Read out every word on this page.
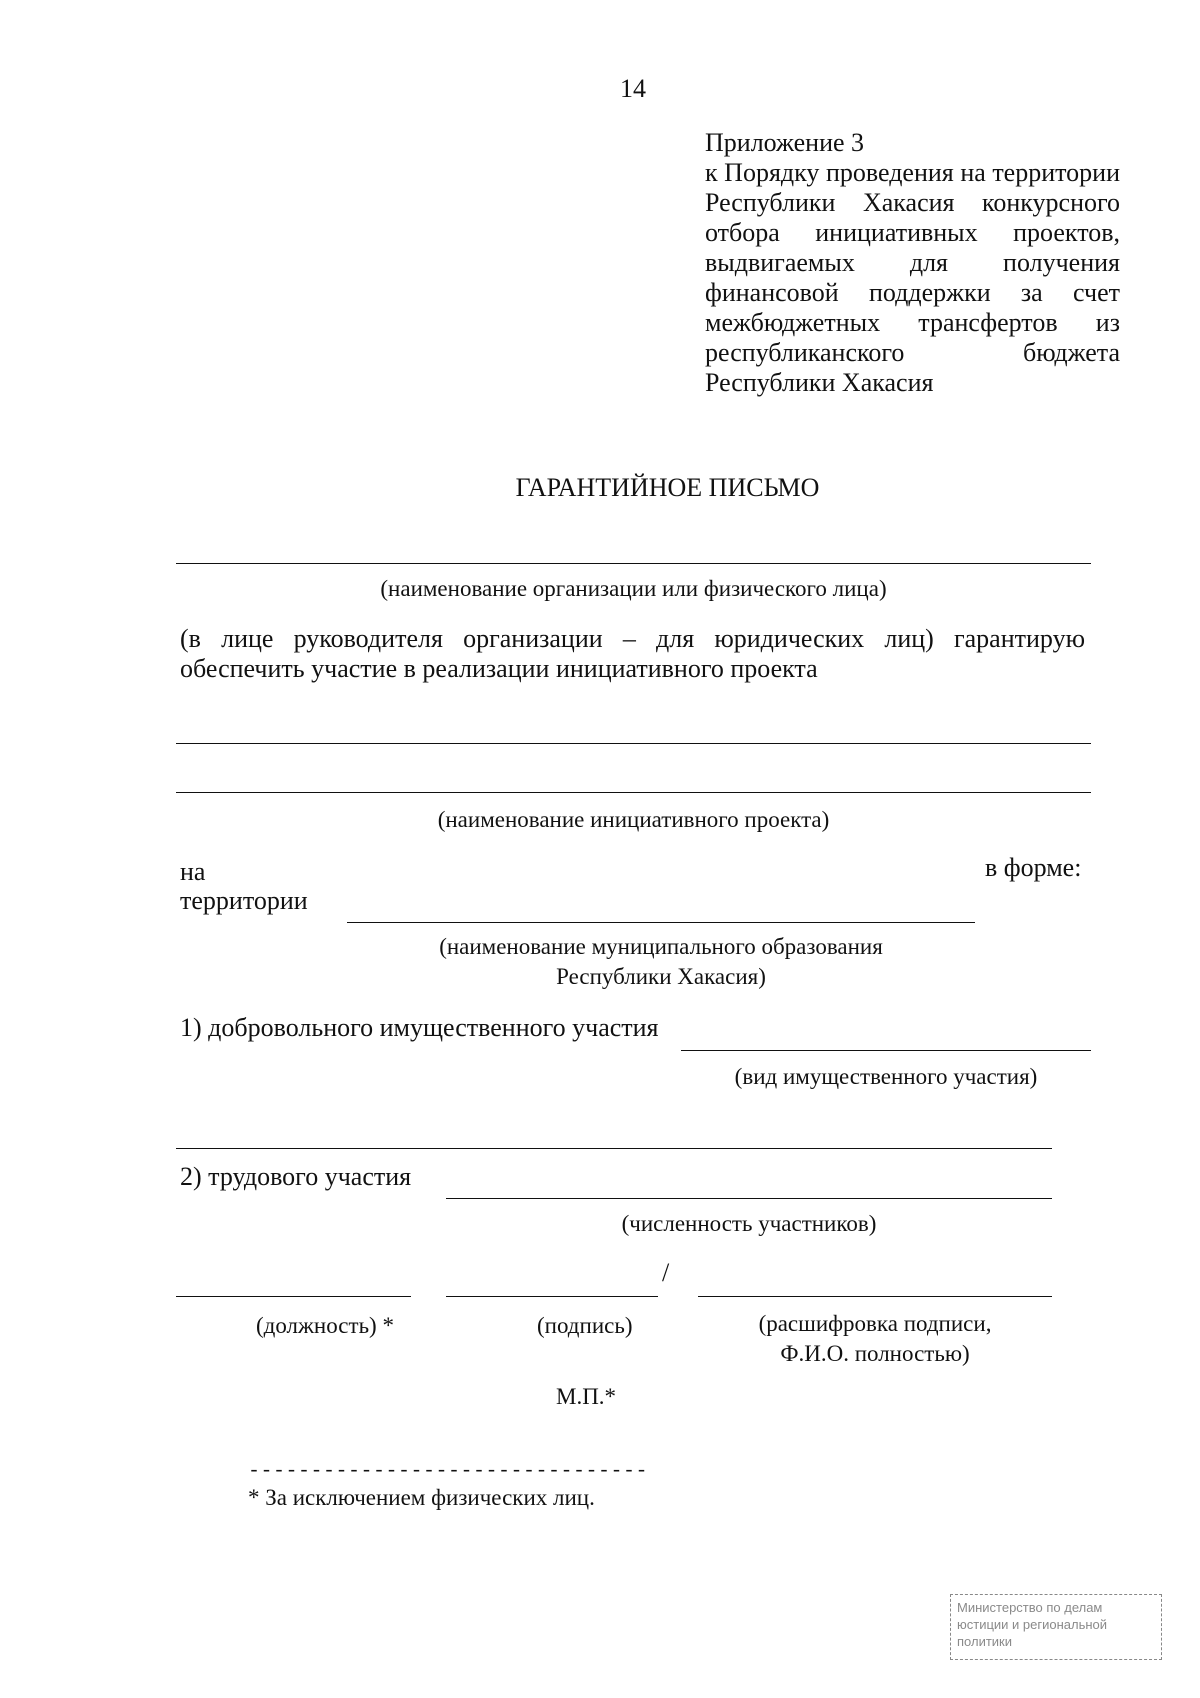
14
Приложение 3
к Порядку проведения на территории
Республики Хакасия конкурсного
отбора инициативных проектов,
выдвигаемых для получения
финансовой поддержки за счет
межбюджетных трансфертов из
республиканского бюджета
Республики Хакасия
ГАРАНТИЙНОЕ ПИСЬМО
(наименование организации или физического лица)
(в лице руководителя организации – для юридических лиц) гарантирую
обеспечить участие в реализации инициативного проекта
(наименование инициативного проекта)
на
территории
в форме:
(наименование муниципального образования
Республики Хакасия)
1) добровольного имущественного участия
(вид имущественного участия)
2) трудового участия
(численность участников)
/
(должность) *	(подпись)	(расшифровка подписи,
Ф.И.О. полностью)
М.П.*
--------------------------------
* За исключением физических лиц.
Министерство по делам
юстиции и региональной
политики
